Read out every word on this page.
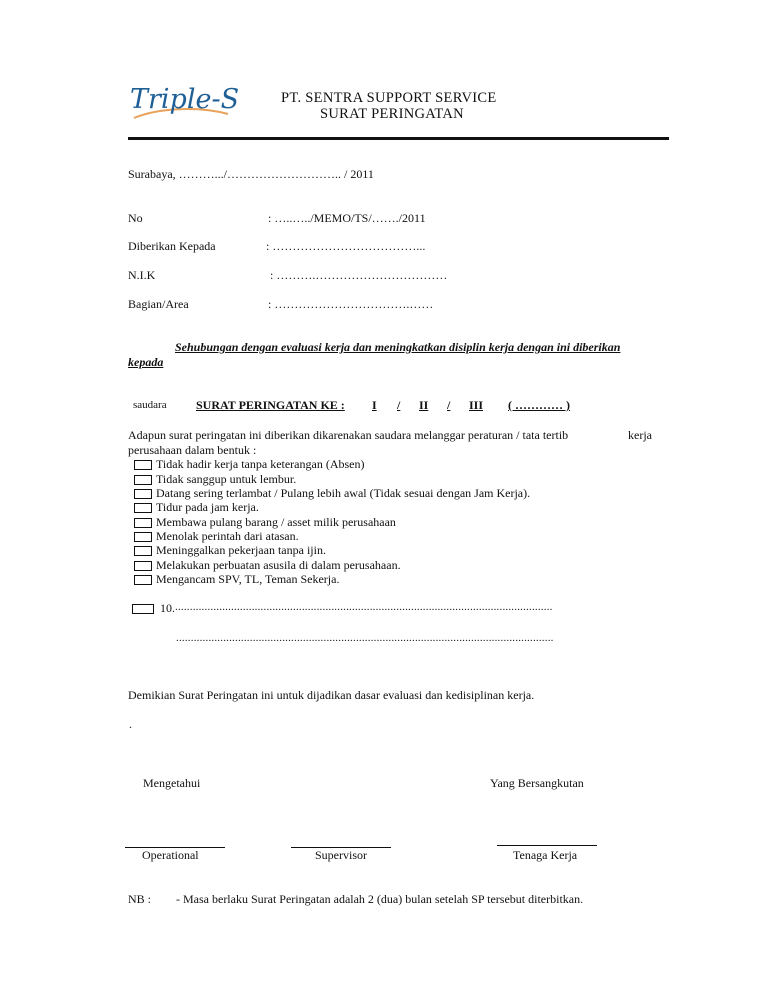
Triple-S	PT. SENTRA SUPPORT SERVICE
SURAT PERINGATAN
Surabaya, ……….../……………………….. / 2011
No	: …..…../MEMO/TS/……./2011
Diberikan Kepada	: ………………………………...
N.I.K	: ……….……………………………
Bagian/Area	: …………………………….……
Sehubungan dengan evaluasi kerja dan meningkatkan disiplin kerja dengan ini diberikan
kepada
saudara SURAT PERINGATAN KE : I / II / III ( ………… )
Adapun surat peringatan ini diberikan dikarenakan saudara melanggar peraturan / tata tertib	kerja
perusahaan dalam bentuk :
Tidak hadir kerja tanpa keterangan (Absen)
Tidak sanggup untuk lembur.
Datang sering terlambat / Pulang lebih awal (Tidak sesuai dengan Jam Kerja).
Tidur pada jam kerja.
Membawa pulang barang / asset milik perusahaan
Menolak perintah dari atasan.
Meninggalkan pekerjaan tanpa ijin.
Melakukan perbuatan asusila di dalam perusahaan.
Mengancam SPV, TL, Teman Sekerja.
10. ................................................................................................................................
................................................................................................................................
Demikian Surat Peringatan ini untuk dijadikan dasar evaluasi dan kedisiplinan kerja.
.
Mengetahui	Yang Bersangkutan
Operational	Supervisor	Tenaga Kerja
NB : - Masa berlaku Surat Peringatan adalah 2 (dua) bulan setelah SP tersebut diterbitkan.
